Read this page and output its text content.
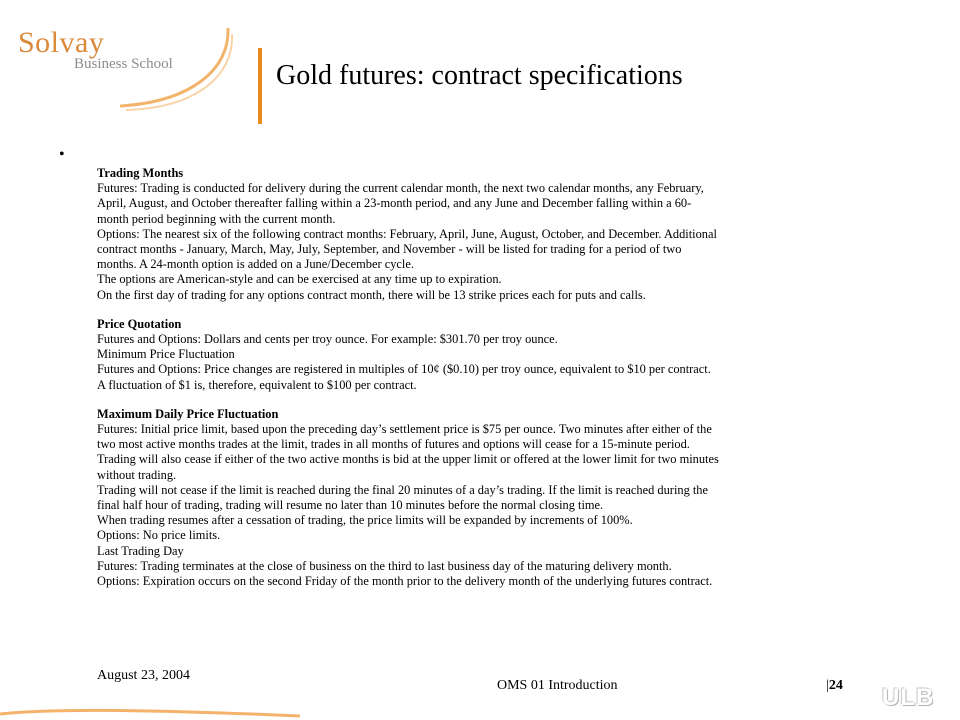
Solvay
Business School	Gold futures: contract specifications
•

Trading Months

Futures: Trading is conducted for delivery during the current calendar month, the next two calendar months, any February,

April, August, and October thereafter falling within a 23-month period, and any June and December falling within a 60-

month period beginning with the current month.

Options: The nearest six of the following contract months: February, April, June, August, October, and December. Additional

contract months - January, March, May, July, September, and November - will be listed for trading for a period of two

months. A 24-month option is added on a June/December cycle.

The options are American-style and can be exercised at any time up to expiration.

On the first day of trading for any options contract month, there will be 13 strike prices each for puts and calls.

Price Quotation

Futures and Options: Dollars and cents per troy ounce. For example: $301.70 per troy ounce.

Minimum Price Fluctuation

Futures and Options: Price changes are registered in multiples of 10¢ ($0.10) per troy ounce, equivalent to $10 per contract.

A fluctuation of $1 is, therefore, equivalent to $100 per contract.

Maximum Daily Price Fluctuation

Futures: Initial price limit, based upon the preceding day’s settlement price is $75 per ounce. Two minutes after either of the

two most active months trades at the limit, trades in all months of futures and options will cease for a 15-minute period.

Trading will also cease if either of the two active months is bid at the upper limit or offered at the lower limit for two minutes

without trading.

Trading will not cease if the limit is reached during the final 20 minutes of a day’s trading. If the limit is reached during the

final half hour of trading, trading will resume no later than 10 minutes before the normal closing time.

When trading resumes after a cessation of trading, the price limits will be expanded by increments of 100%.

Options: No price limits.

Last Trading Day

Futures: Trading terminates at the close of business on the third to last business day of the maturing delivery month.

Options: Expiration occurs on the second Friday of the month prior to the delivery month of the underlying futures contract.

August 23, 2004
OMS 01 Introduction	|24 ULB
